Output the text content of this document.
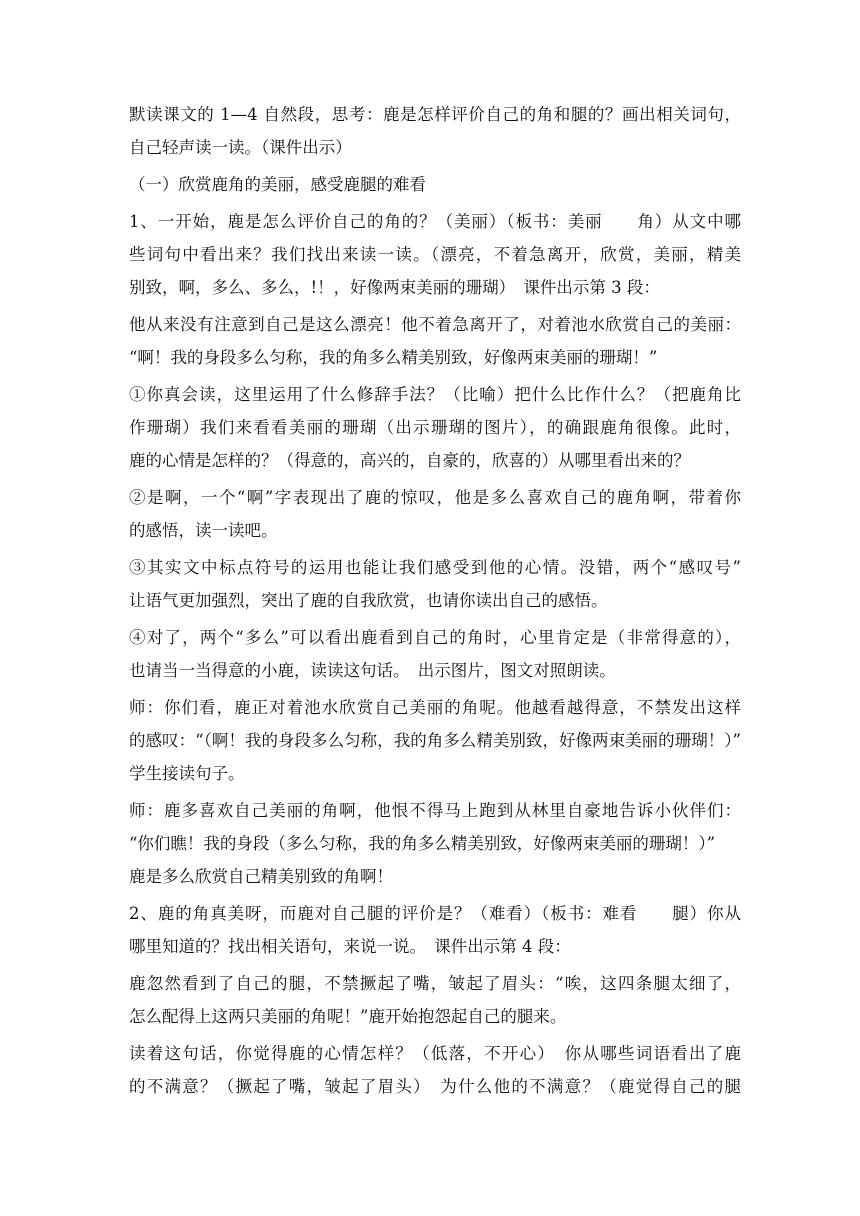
默读课文的 1—4 自然段，思考：鹿是怎样评价自己的角和腿的？画出相关词句，
自己轻声读一读。（课件出示）
（一）欣赏鹿角的美丽，感受鹿腿的难看
1、一开始，鹿是怎么评价自己的角的？（美丽）（板书：美丽　　角）从文中哪
些词句中看出来？我们找出来读一读。（漂亮，不着急离开，欣赏，美丽，精美
别致，啊，多么、多么，!！，好像两束美丽的珊瑚）　课件出示第 3 段：
他从来没有注意到自己是这么漂亮！他不着急离开了，对着池水欣赏自己的美丽：
“啊！我的身段多么匀称，我的角多么精美别致，好像两束美丽的珊瑚！”
①你真会读，这里运用了什么修辞手法？（比喻）把什么比作什么？（把鹿角比
作珊瑚）我们来看看美丽的珊瑚（出示珊瑚的图片），的确跟鹿角很像。此时，
鹿的心情是怎样的？（得意的，高兴的，自豪的，欣喜的）从哪里看出来的？
②是啊，一个“啊”字表现出了鹿的惊叹，他是多么喜欢自己的鹿角啊，带着你
的感悟，读一读吧。
③其实文中标点符号的运用也能让我们感受到他的心情。没错，两个“感叹号”
让语气更加强烈，突出了鹿的自我欣赏，也请你读出自己的感悟。
④对了，两个“多么”可以看出鹿看到自己的角时，心里肯定是（非常得意的），
也请当一当得意的小鹿，读读这句话。　出示图片，图文对照朗读。
师：你们看，鹿正对着池水欣赏自己美丽的角呢。他越看越得意，不禁发出这样
的感叹：“（啊！我的身段多么匀称，我的角多么精美别致，好像两束美丽的珊瑚！）”
学生接读句子。
师：鹿多喜欢自己美丽的角啊，他恨不得马上跑到从林里自豪地告诉小伙伴们：
“你们瞧！我的身段（多么匀称，我的角多么精美别致，好像两束美丽的珊瑚！）”
鹿是多么欣赏自己精美别致的角啊！
2、鹿的角真美呀，而鹿对自己腿的评价是？（难看）（板书：难看　　腿）你从
哪里知道的？找出相关语句，来说一说。　课件出示第 4 段：
鹿忽然看到了自己的腿，不禁撅起了嘴，皱起了眉头：“唉，这四条腿太细了，
怎么配得上这两只美丽的角呢！”鹿开始抱怨起自己的腿来。
读着这句话，你觉得鹿的心情怎样？（低落，不开心）　你从哪些词语看出了鹿
的不满意？（撅起了嘴，皱起了眉头）　为什么他的不满意？（鹿觉得自己的腿
